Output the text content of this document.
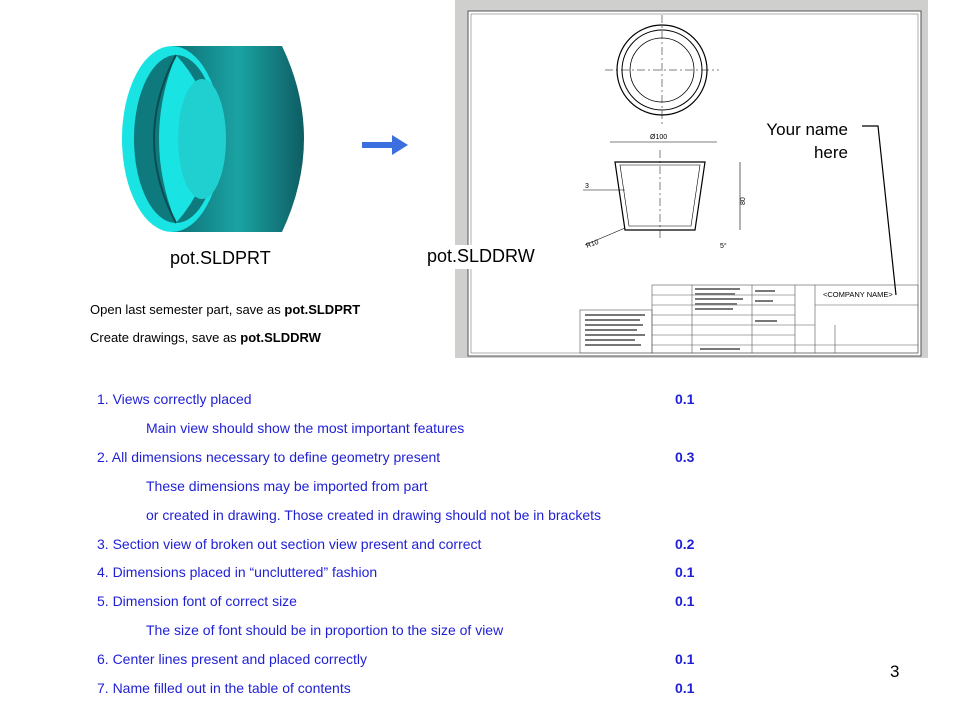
Ø100
80
3
R10	5°
<COMPANY NAME>
pot.SLDPRT	pot.SLDDRW
Your name here
Open last semester part, save as pot.SLDPRT
Create drawings, save as pot.SLDDRW
1. Views correctly placed	0.1
Main view should show the most important features
2. All dimensions necessary to define geometry present	0.3
These dimensions may be imported from part
or created in drawing. Those created in drawing should not be in brackets
3. Section view of broken out section view present and correct	0.2
4. Dimensions placed in “uncluttered” fashion	0.1
5. Dimension font of correct size	0.1
The size of font should be in proportion to the size of view
6. Center lines present and placed correctly	0.1
7. Name filled out in the table of contents	0.1
3
